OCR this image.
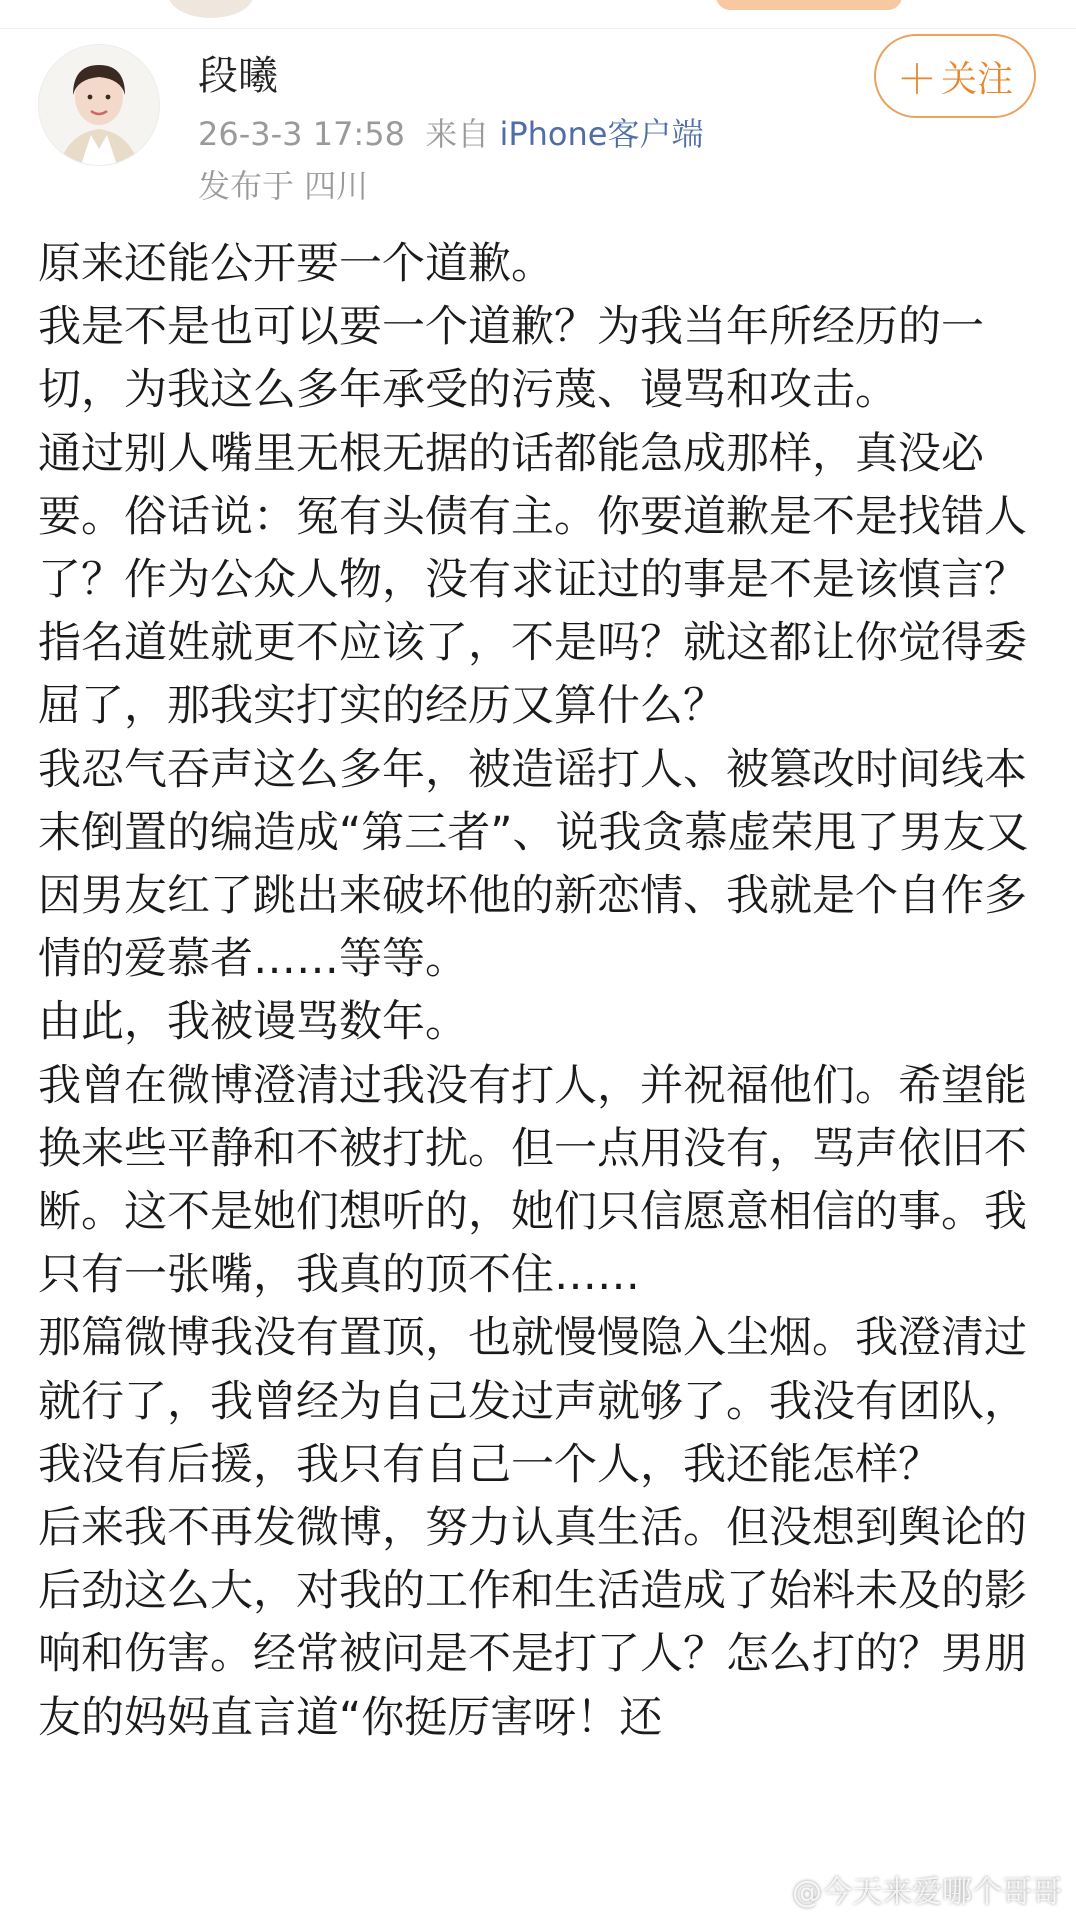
段曦
26-3-3 17:58 来自 iPhone客户端
发布于 四川
＋ 关注

原来还能公开要一个道歉。

我是不是也可以要一个道歉？为我当年所经历的一切，为我这么多年承受的污蔑、谩骂和攻击。

通过别人嘴里无根无据的话都能急成那样，真没必要。俗话说：冤有头债有主。你要道歉是不是找错人了？作为公众人物，没有求证过的事是不是该慎言？指名道姓就更不应该了，不是吗？就这都让你觉得委屈了，那我实打实的经历又算什么？

我忍气吞声这么多年，被造谣打人、被篡改时间线本末倒置的编造成“第三者”、说我贪慕虚荣甩了男友又因男友红了跳出来破坏他的新恋情、我就是个自作多情的爱慕者……等等。

由此，我被谩骂数年。

我曾在微博澄清过我没有打人，并祝福他们。希望能换来些平静和不被打扰。但一点用没有，骂声依旧不断。这不是她们想听的，她们只信愿意相信的事。我只有一张嘴，我真的顶不住……

那篇微博我没有置顶，也就慢慢隐入尘烟。我澄清过就行了，我曾经为自己发过声就够了。我没有团队，我没有后援，我只有自己一个人，我还能怎样？

后来我不再发微博，努力认真生活。但没想到舆论的后劲这么大，对我的工作和生活造成了始料未及的影响和伤害。经常被问是不是打了人？怎么打的？男朋友的妈妈直言道“你挺厉害呀！还

@今天来爱哪个哥哥
